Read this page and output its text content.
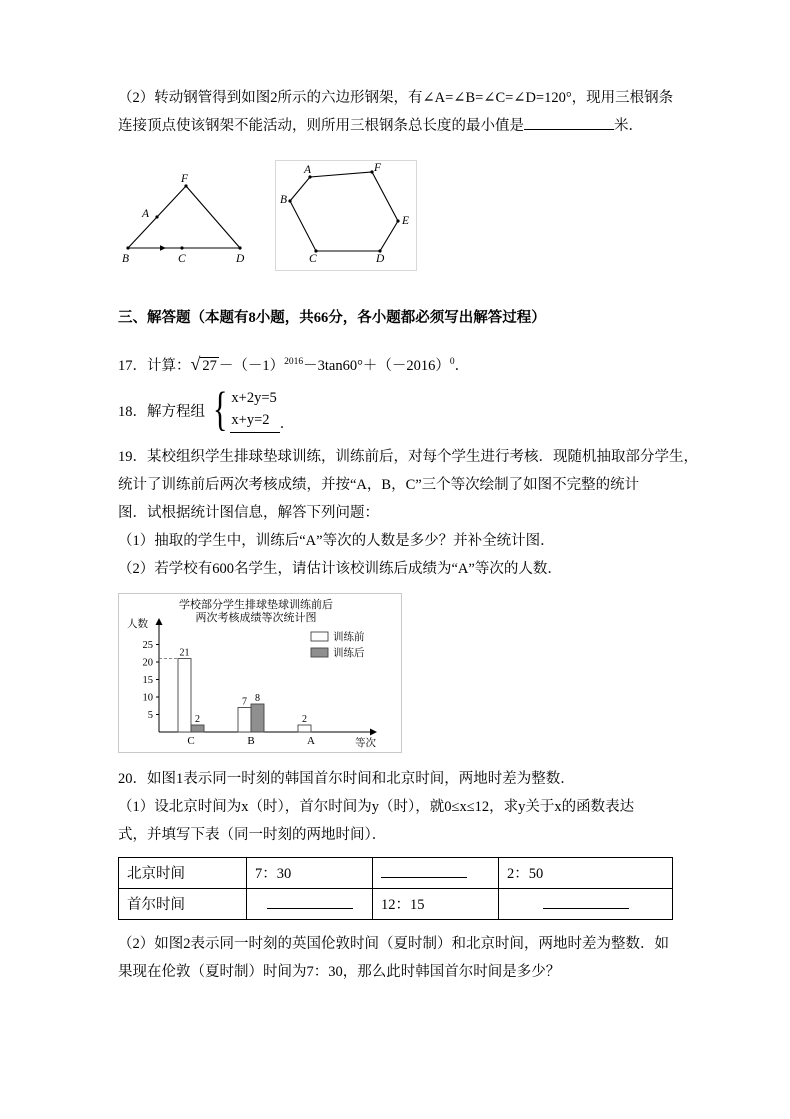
（2）转动钢管得到如图2所示的六边形钢架，有∠A=∠B=∠C=∠D=120°，现用三根钢条
连接顶点使该钢架不能活动，则所用三根钢条总长度的最小值是	米．
F
A
B	C	D
A	F
B
E
C	D
三、解答题（本题有8小题，共66分，各小题都必须写出解答过程）
17．计算：√ $27 -(-1)^{2016}-3\tan 60^\circ+(-2016)^0$．
18．解方程组 { x+2y=5
x+y=2 ．
19．某校组织学生排球垫球训练，训练前后，对每个学生进行考核．现随机抽取部分学生，
统计了训练前后两次考核成绩，并按“A，B，C”三个等次绘制了如图不完整的统计
图．试根据统计图信息，解答下列问题：
（1）抽取的学生中，训练后“A”等次的人数是多少？并补全统计图．
（2）若学校有600名学生，请估计该校训练后成绩为“A”等次的人数．
学校部分学生排球垫球训练前后
两次考核成绩等次统计图
人数
等次
5
10
15
20
25
21
2
C
7 8
B
2
A
训练前
训练后
20．如图1表示同一时刻的韩国首尔时间和北京时间，两地时差为整数．
（1）设北京时间为x（时），首尔时间为y（时），就0≤x≤12，求y关于x的函数表达
式，并填写下表（同一时刻的两地时间）．
北京时间	7：30		2：50
首尔时间		12：15	
（2）如图2表示同一时刻的英国伦敦时间（夏时制）和北京时间，两地时差为整数．如
果现在伦敦（夏时制）时间为7：30，那么此时韩国首尔时间是多少？
